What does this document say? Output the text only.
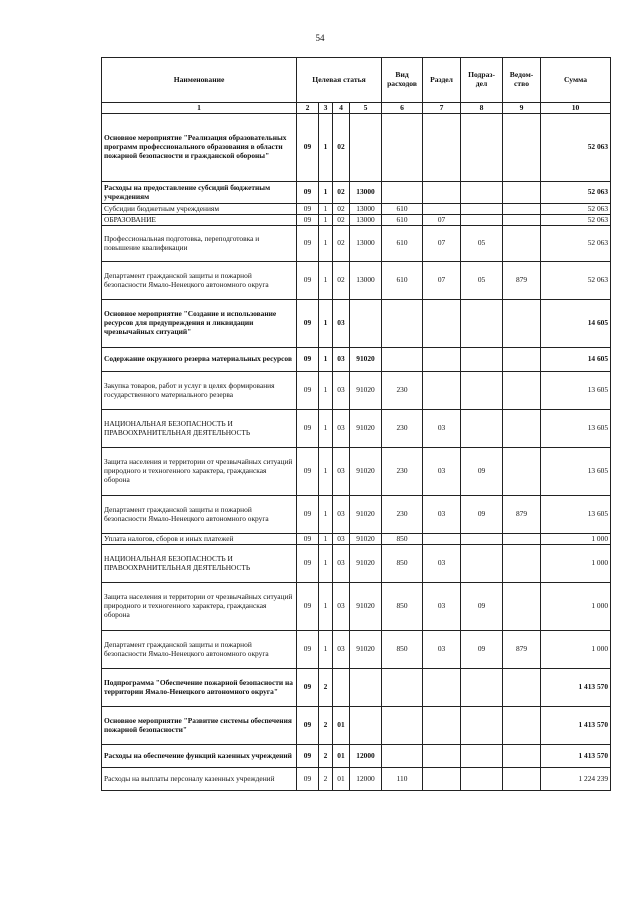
54
Наименование	Целевая статья				Вид расходов	Раздел	Подраз-дел	Ведом-ство	Сумма
1	2	3	4	5	6	7	8	9	10
Основное мероприятие "Реализация образовательных программ профессионального образования в области пожарной безопасности и гражданской обороны"	09	1	02						52 063
Расходы на предоставление субсидий бюджетным учреждениям	09	1	02	13000					52 063
Субсидии бюджетным учреждениям	09	1	02	13000	610				52 063
ОБРАЗОВАНИЕ	09	1	02	13000	610	07			52 063
Профессиональная подготовка, переподготовка и повышение квалификации	09	1	02	13000	610	07	05		52 063
Департамент гражданской защиты и пожарной безопасности Ямало-Ненецкого автономного округа	09	1	02	13000	610	07	05	879	52 063
Основное мероприятие "Создание и использование ресурсов для предупреждения и ликвидации чрезвычайных ситуаций"	09	1	03						14 605
Содержание окружного резерва материальных ресурсов	09	1	03	91020					14 605
Закупка товаров, работ и услуг в целях формирования государственного материального резерва	09	1	03	91020	230				13 605
НАЦИОНАЛЬНАЯ БЕЗОПАСНОСТЬ И ПРАВООХРАНИТЕЛЬНАЯ ДЕЯТЕЛЬНОСТЬ	09	1	03	91020	230	03			13 605
Защита населения и территории от чрезвычайных ситуаций природного и техногенного характера, гражданская оборона	09	1	03	91020	230	03	09		13 605
Департамент гражданской защиты и пожарной безопасности Ямало-Ненецкого автономного округа	09	1	03	91020	230	03	09	879	13 605
Уплата налогов, сборов и иных платежей	09	1	03	91020	850				1 000
НАЦИОНАЛЬНАЯ БЕЗОПАСНОСТЬ И ПРАВООХРАНИТЕЛЬНАЯ ДЕЯТЕЛЬНОСТЬ	09	1	03	91020	850	03			1 000
Защита населения и территории от чрезвычайных ситуаций природного и техногенного характера, гражданская оборона	09	1	03	91020	850	03	09		1 000
Департамент гражданской защиты и пожарной безопасности Ямало-Ненецкого автономного округа	09	1	03	91020	850	03	09	879	1 000
Подпрограмма "Обеспечение пожарной безопасности на территории Ямало-Ненецкого автономного округа"	09	2							1 413 570
Основное мероприятие "Развитие системы обеспечения пожарной безопасности"	09	2	01						1 413 570
Расходы на обеспечение функций казенных учреждений	09	2	01	12000					1 413 570
Расходы на выплаты персоналу казенных учреждений	09	2	01	12000	110				1 224 239
